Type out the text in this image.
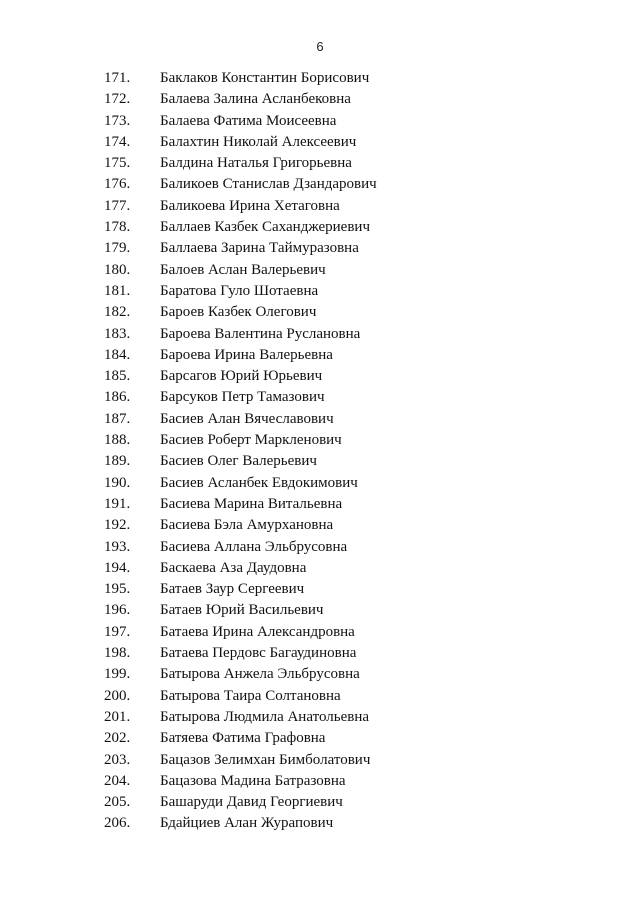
6
171. Баклаков Константин Борисович
172. Балаева Залина Асланбековна
173. Балаева Фатима Моисеевна
174. Балахтин Николай Алексеевич
175. Балдина Наталья Григорьевна
176. Баликоев Станислав Дзандарович
177. Баликоева Ирина Хетаговна
178. Баллаев Казбек Саханджериевич
179. Баллаева Зарина Таймуразовна
180. Балоев Аслан Валерьевич
181. Баратова Гуло Шотаевна
182. Бароев Казбек Олегович
183. Бароева Валентина Руслановна
184. Бароева Ирина Валерьевна
185. Барсагов Юрий Юрьевич
186. Барсуков Петр Тамазович
187. Басиев Алан Вячеславович
188. Басиев Роберт Маркленович
189. Басиев Олег Валерьевич
190. Басиев Асланбек Евдокимович
191. Басиева Марина Витальевна
192. Басиева Бэла Амурхановна
193. Басиева Аллана Эльбрусовна
194. Баскаева Аза Даудовна
195. Батаев Заур Сергеевич
196. Батаев Юрий Васильевич
197. Батаева Ирина Александровна
198. Батаева Пердовс Багаудиновна
199. Батырова Анжела Эльбрусовна
200. Батырова Таира Солтановна
201. Батырова Людмила Анатольевна
202. Батяева Фатима Графовна
203. Бацазов Зелимхан Бимболатович
204. Бацазова Мадина Батразовна
205. Башаруди Давид Георгиевич
206. Бдайциев Алан Журапович
